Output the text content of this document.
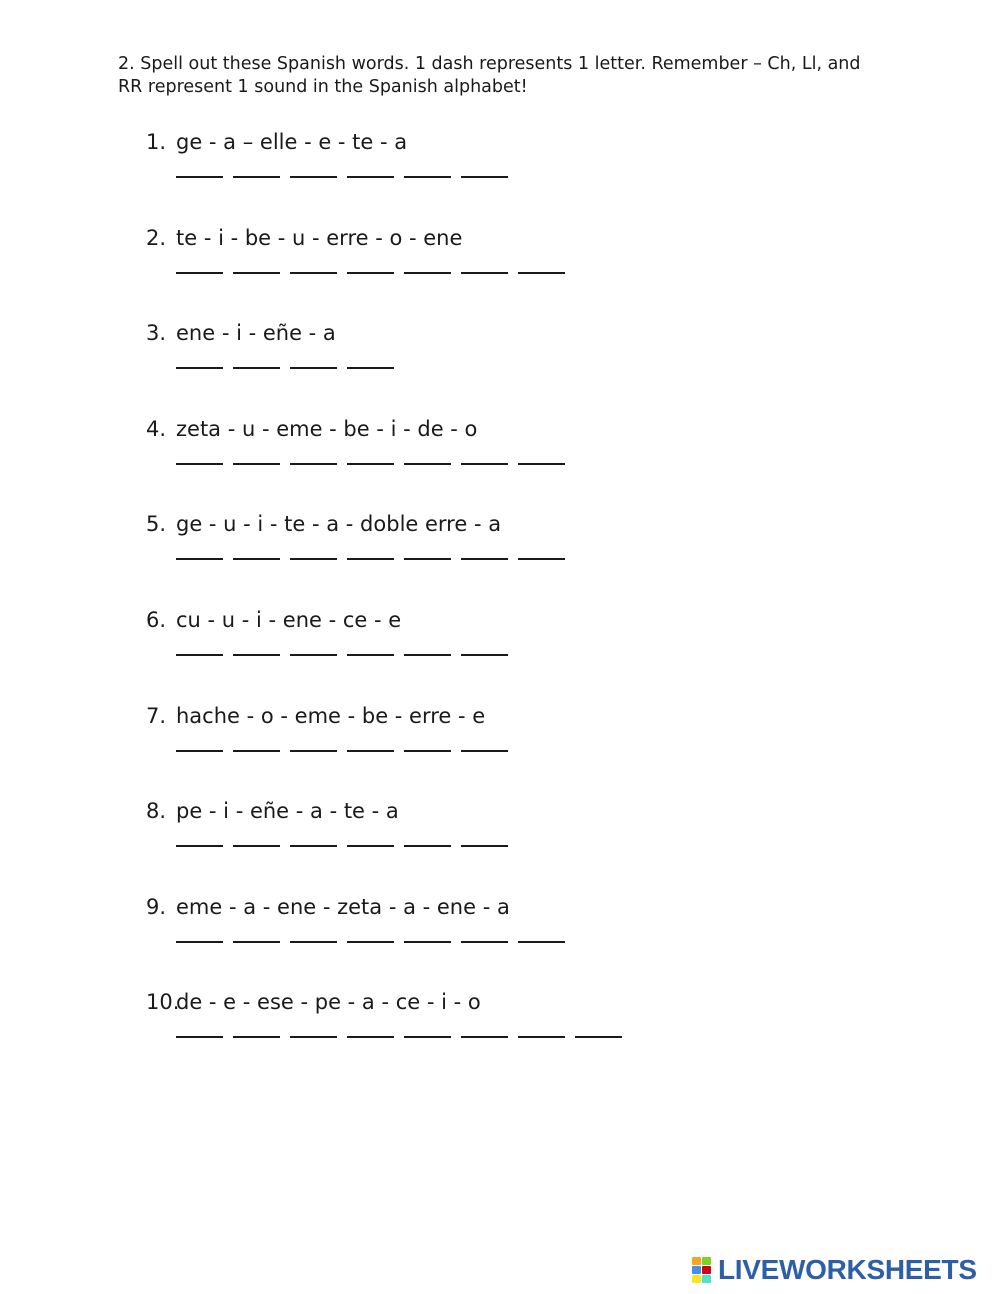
2. Spell out these Spanish words. 1 dash represents 1 letter. Remember – Ch, Ll, and RR represent 1 sound in the Spanish alphabet!
1. ge - a – elle - e - te - a
2. te - i - be - u - erre - o - ene
3. ene - i - eñe - a
4. zeta - u - eme - be - i - de - o
5. ge - u - i - te - a - doble erre - a
6. cu - u - i - ene - ce - e
7. hache - o - eme - be - erre - e
8. pe - i - eñe - a - te - a
9. eme - a - ene - zeta - a - ene - a
10.
de - e - ese - pe - a - ce - i - o
LIVEWORKSHEETS
